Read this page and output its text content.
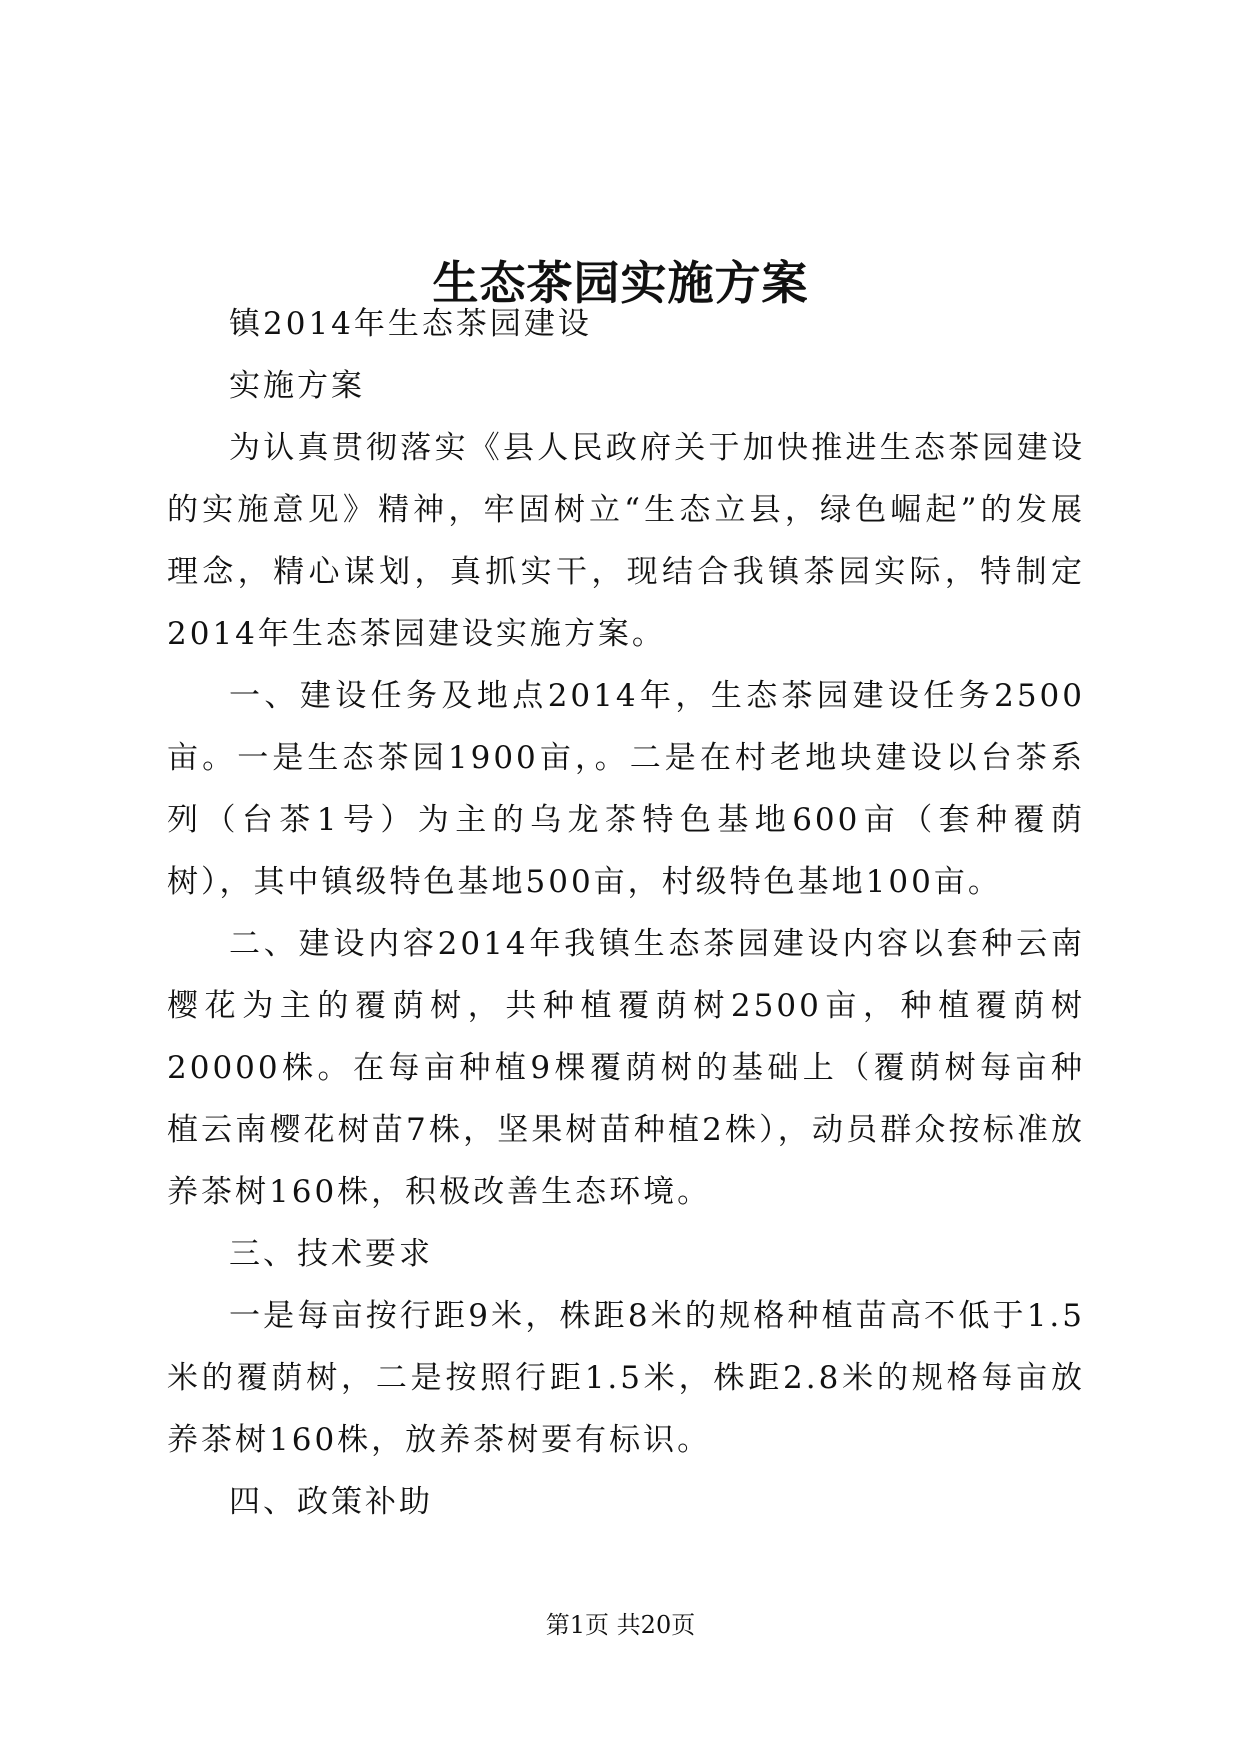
生态茶园实施方案

镇2014年生态茶园建设

实施方案

为认真贯彻落实《县人民政府关于加快推进生态茶园建设的实施意见》精神，牢固树立“生态立县，绿色崛起”的发展理念，精心谋划，真抓实干，现结合我镇茶园实际，特制定2014年生态茶园建设实施方案。

一、建设任务及地点2014年，生态茶园建设任务2500亩。一是生态茶园1900亩，。二是在村老地块建设以台茶系列（台茶1号）为主的乌龙茶特色基地600亩（套种覆荫树），其中镇级特色基地500亩，村级特色基地100亩。

二、建设内容2014年我镇生态茶园建设内容以套种云南樱花为主的覆荫树，共种植覆荫树2500亩，种植覆荫树20000株。在每亩种植9棵覆荫树的基础上（覆荫树每亩种植云南樱花树苗7株，坚果树苗种植2株），动员群众按标准放养茶树160株，积极改善生态环境。

三、技术要求

一是每亩按行距9米，株距8米的规格种植苗高不低于1.5米的覆荫树，二是按照行距1.5米，株距2.8米的规格每亩放养茶树160株，放养茶树要有标识。

四、政策补助

第1页 共20页
